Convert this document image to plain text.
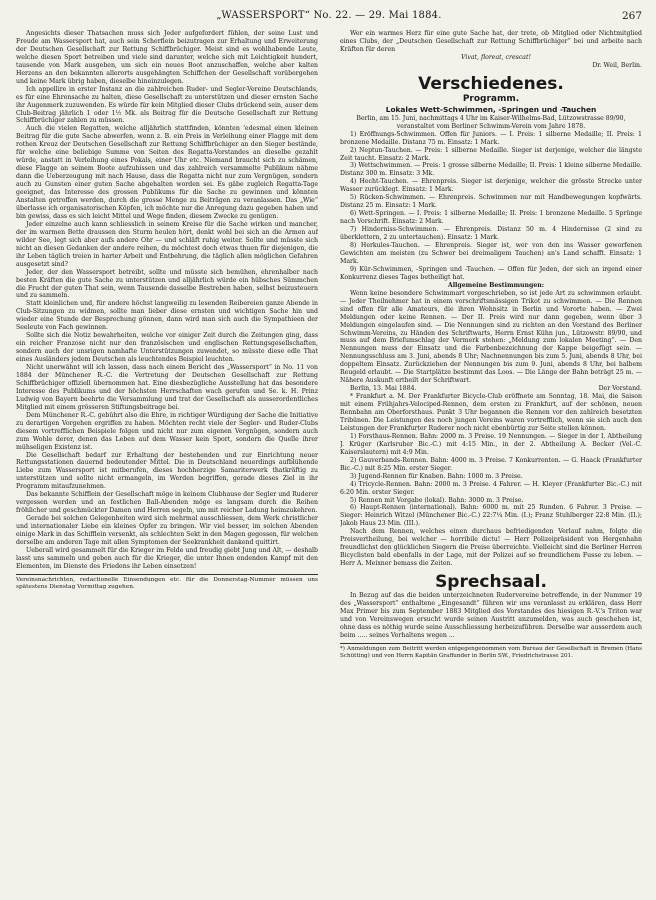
„WASSERSPORT“ No. 22. — 29. Mai 1884.	267

Angesichts dieser Thatsachen muss sich Jeder aufgefordert fühlen, der seine Lust und Freude am Wassersport hat, auch sein Scherflein beizutragen zur Erhaltung und Erweiterung der Deutschen Gesellschaft zur Rettung Schiffbrüchiger. Meist sind es wohlhabende Leute, welche diesen Sport betreiben und viele sind darunter, welche sich mit Leichtigkeit hundert, tausende von Mark ausgeben, um sich ein neues Boot anzuschaffen, welche aber kalten Herzens an den bekannten allerorts ausgehängten Schiffchen der Gesellschaft vorübergehen und keine Mark übrig haben, dieselbe hineinzulegen.

Ich appellire in erster Instanz an die zahlreichen Ruder- und Segler-Vereine Deutschlands, es für eine Ehrensache zu halten, diese Gesellschaft zu unterstützen und dieser ernsten Sache ihr Augenmerk zuzuwenden. Es würde für kein Mitglied dieser Clubs drückend sein, auser dem Club-Beitrag jährlich 1 oder 1½ Mk. als Beitrag für die Deutsche Gesellschaft zur Rettung Schiffbrüchiger zahlen zu müssen.

Auch die vielen Regatten, welche alljährlich stattfinden, könnten 'edesmal einen kleinen Beitrag für die gute Sache abwerfen, wenn z. B. ein Preis in Verleihung einer Flagge mit dem rothen Kreuz der Deutschen Gesellschaft zur Rettung Schiffbrüchiger an den Sieger bestände, für welche eine beliebige Summe von Seiten des Regatta-Vorstandes an dieselbe gezahlt würde, anstatt in Verleihung eines Pokals, einer Uhr etc. Niemand braucht sich zu schämen, diese Flagge an seinem Boote aufzuhissen und das zahlreich versammelte Publikum nähme dann die Ueberzeugung mit nach Hause, dass die Regatta nicht nur zum Vergnügen, sondern auch zu Gunsten einer guten Sache abgehalten worden sei. Es gäbe zugleich Regatta-Tage geeignet, das Interesse des grossen Publikums für die Sache zu gewinnen und könnten Anstalten getroffen werden, durch die grosse Menge zu Beiträgen zu veranlassen. Das „Wie“ überlasse ich organisatorischen Köpfen, ich möchte nur die Anregung dazu gegeben haben und bin gewiss, dass es sich leicht Mittel und Wege finden, diesem Zwecke zu genügen.

Jeder einzelne auch kann schliesslich in seinem Kreise für die Sache wirken und mancher, der im warmen Bette draussen den Sturm heulen hört, denkt wohl bei sich an die Armen auf wilder See, legt sich aber aufs andere Ohr — und schläft ruhig weiter. Sollte und müsste sich nicht an diesen Gedanken der andere reihen, du möchtest doch etwas thuen für diejenigen, die ihr Leben täglich treien in harter Arbeit und Entbehrung, die täglich allen möglichen Gefahren ausgesetzt sind?

Jeder, der den Wassersport betreibt, sollte und müsste sich bemühen, ehrenhalber nach besten Kräften die gute Sache zu unterstützen und alljährlich würde ein hübsches Sümmchen die Frucht der guten That sein, wenn Tausende dasselbe Bestreben haben, selbst beizusteuern und zu sammeln.

Statt kleinlichen und, für andere höchst langweilig zu lesenden Reibereien ganze Abende in Club-Sitzungen zu widmen, sollte man lieber diese ernsten und wichtigen Sache hin und wieder eine Stunde der Besprechung gönnen, dann wird man sich auch die Sympathieen der Seeleute von Fach gewinnen.

Sollte sich die Notiz bewahrheiten, welche vor einiger Zeit durch die Zeitungen ging, dass ein reicher Franzose nicht nur den französischen und englischen Rettungsgesellschaften, sondern auch der unsrigen namhafte Unterstützungen zuwendet, so müsste diese edle That eines Ausländers jedem Deutschen als leuchtendes Beispiel leuchten.

Nicht unerwähnt will ich lassen, dass nach einem Bericht des „Wassersport“ in No. 11 von 1884 der Münchener R.-C. die Vertretung der Deutschen Gesellschaft zur Rettung Schiffbrüchiger offiziell übernommen hat. Eine diesbezügliche Ausstellung hat das besondere Interesse des Publikums und der höchsten Herrschaften wach gerufen und Se. k. H. Prinz Ludwig von Bayern beehrte die Versammlung und trat der Gesellschaft als ausserordentliches Mitglied mit einem grösseren Stiftungsbeitrage bei.

Dem Münchener R.-C. gebührt also die Ehre, in richtiger Würdigung der Sache die Initiative zu derartigen Vorgehen ergriffen zu haben. Möchten recht viele der Segler- und Ruder-Clubs diesem vortrefflichen Beispiele folgen und nicht nur zum eigenen Vergnügen, sondern auch zum Wohle derer, denen das Leben auf dem Wasser kein Sport, sondern die Quelle ihrer mühseligen Existenz ist.

Die Gesellschaft bedarf zur Erhaltung der bestehenden und zur Einrichtung neuer Rettungsstationen dauernd bedeutender Mittel. Die in Deutschland neuerdings aufblühende Liebe zum Wassersport ist mitberufen, dieses hochherzige Samariterwerk thatkräftig zu unterstützen und sollte nicht ermangeln, im Werden begriffen, gerade dieses Ziel in ihr Programm mitaufzunehmen.

Das bekannte Schifflein der Gesellschaft möge in keinem Clubhause der Segler und Ruderer vergessen werden und an festlichen Ball-Abenden möge es langsam durch die Reihen fröhlicher und geschmückter Damen und Herren segeln, um mit reicher Ladung heimzukehren.

Gerade bei solchen Gelegenheiten wird sich mehrmal ausschliessen, dem Werk christlicher und internationaler Liebe ein kleines Opfer zu bringen. Wir viel besser, im solchen Abenden einige Mark in das Schifflein versenkt, als schlechten Sekt in den Magen gegossen, für welchen derselbe am anderen Tage mit allen Symptomen der Seekrankheit dankend quittirt.

Ueberall wird gesammelt für die Krieger im Felde und freudig giebt Jung und Alt, — deshalb lasst uns sammeln und geben auch für die Krieger, die unter Ihnen endenden Kampf mit den Elementen, im Dienste des Friedens ihr Leben einsetzen!

Vereinsnachrichten, redactionelle Einsendungen etc. für die Donnerstag-Nummer müssen uns spätestens Dienstag Vormittag zugehen.

Wer ein warmes Herz für eine gute Sache hat, der trete, ob Mitglied oder Nichtmitglied eines Clubs, der „Deutschen Gesellschaft zur Rettung Schiffbrüchiger“ bei und arbeite nach Kräften für deren

Vivat, floreat, crescat!

Dr. Weil, Berlin.

Verschiedenes.
Programm.
Lokales Wett-Schwimmen, -Springen und -Tauchen

Berlin, am 15. Juni, nachmittags 4 Uhr im Kaiser-Wilhelms-Bad, Lützowstrasse 89/90, veranstaltet vom Berliner Schwimm-Verein vom Jahre 1878.

1) Eröffnungs-Schwimmen. Offen für Juniors. — I. Preis: 1 silberne Medaille; II. Preis: 1 bronzene Medaille. Distanz 75 m. Einsatz: 1 Mark.

2) Neptun-Tauchen. — Preis: 1 silberne Medaille. Sieger ist derjenige, welcher die längste Zeit taucht. Einsatz: 2 Mark.

3) Wettschwimmen. — Preis: 1 grosse silberne Medaille; II. Preis: 1 kleine silberne Medaille. Distanz 300 m. Einsatz: 3 Mk.

4) Hecht-Tauchen. — Ehrenpreis. Sieger ist derjenige, welcher die grösste Strecke unter Wasser zurücklegt. Einsatz: 1 Mark.

5) Rücken-Schwimmen. — Ehrenpreis. Schwimmen nur mit Handbewegungen kopfwärts. Distanz 25 m. Einsatz: 1 Mark.

6) Wett-Springen. — I. Preis: 1 silberne Medaille; II. Preis: 1 bronzene Medaille. 5 Sprünge nach Vorschrift. Einsatz: 2 Mark.

7) Hinderniss-Schwimmen. — Ehrenpreis. Distanz 50 m. 4 Hindernisse (2 sind zu überklettern, 2 zu untertauchen). Einsatz: 1 Mark.

8) Herkules-Tauchen. — Ehrenpreis. Sieger ist, wer von den ins Wasser geworfenen Gewichten am meisten (zu Schwer bei dreimaligem Tauchen) an's Land schafft. Einsatz: 1 Mark.

9) Kür-Schwimmen, -Springen und -Tauchen. — Offen für Jeden, der sich an irgend einer Konkurrenz dieses Tages betheiligt hat.

Allgemeine Bestimmungen:

Wenn keine besondere Schwimmart vorgeschrieben, so ist jede Art zu schwimmen erlaubt. — Jeder Theilnehmer hat in einem vorschriftsmässigen Trikot zu schwimmen. — Die Rennen sind offen für alle Amateurs, die ihren Wohnsitz in Berlin und Vororte haben. — Zwei Meldungen oder keine Rennen. — Der II. Preis wird nur dann gegeben, wenn über 3 Meldungen eingelaufen sind. — Die Nennungen sind zu richten an den Vorstand des Berliner Schwimm-Vereins, zu Händen des Schriftwarts, Herrn Ernst Kühn jun., Lützowstr. 89/90, und muss auf dem Briefumschlag der Vermerk stehen: „Meldung zum lokalen Meeting“. — Den Nennungen muss der Einsatz und die Farbenbezeichnung der Kappe beigefügt sein. — Nennungsschluss am 3. Juni, abends 8 Uhr; Nachnennungen bis zum 5. Juni, abends 8 Uhr, bei doppeltem Einsatz. Zurückziehen der Nennungen bis zum 9. Juni, abends 8 Uhr, bei halbem Reugeld erlaubt. — Die Startplätze bestimmt das Loos. — Die Länge der Bahn beträgt 25 m. — Nähere Auskunft ertheilt der Schriftwart.

Berlin, 13. Mai 1884.	Der Vorstand.

* Frankfurt a. M. Der Frankfurter Bicycle-Club eröffnete am Sonntag, 18. Mai, die Saison mit einem Frühjahrs-Velociped-Rennen, dem ersten zu Frankfurt, auf der schönen, neuen Rennbahn am Oberforsthaus. Punkt 3 Uhr begannen die Rennen vor den zahlreich besetzten Tribünen. Die Leistungen des noch jungen Vereins waren vortrefflich, wenn sie sich auch den Leistungen der Frankfurter Ruderer noch nicht ebenbürtig zur Seite stellen können.

1) Forsthaus-Rennen. Bahn: 2000 m. 3 Preise. 19 Nennungen. — Sieger in der I. Abtheilung J. Krüger (Karlsruher Bic.-C.) mit 4:15 Min., in der 2. Abtheilung A. Becker (Vel.-C. Kaiserslautern) mit 4:9 Min.

2) Gauverbands-Rennen. Bahn: 4000 m. 3 Preise. 7 Konkurrenten. — G. Haack (Frankfurter Bic.-C.) mit 8:25 Min. erster Sieger.

3) Jugend-Rennen für Knaben. Bahn: 1000 m. 3 Preise.

4) Tricycle-Rennen. Bahn: 2000 m. 3 Preise. 4 Fahrer. — H. Kleyer (Frankfurter Bic.-C.) mit 6:20 Min. erster Sieger.

5) Rennen mit Vorgabe (lokal). Bahn: 3000 m. 3 Preise.

6) Haupt-Rennen (international). Bahn: 6000 m. mit 25 Runden. 6 Fahrer. 3 Preise. — Sieger: Heinrich Witzel (Münchener Bic.-C.) 22:7¼ Min. (I.); Franz Stuhlberger 22:8 Min. (II.); Jakob Haus 23 Min. (III.).

Nach dem Rennen, welches einen durchaus befriedigenden Verlauf nahm, folgte die Preisvertheilung, bei welcher — horribile dictu! — Herr Polizeipräsident von Hergenhahn freundlichst den glücklichen Siegern die Preise überreichte. Vielleicht sind die Berliner Herren Bicyclisten bald ebenfalls in der Lage, mit der Polizei auf so freundlichem Fusse zu leben. — Herr A. Meixner bemass die Zeiten.

Sprechsaal.

In Bezug auf das die beiden unterzeichneten Rudervereine betreffende, in der Nummer 19 des „Wassersport“ enthaltene „Eingesandt“ führen wir uns veranlasst zu erklären, dass Herr Max Primer bis zum September 1883 Mitglied des Vorstandes des hiesigen R.-V.'s Triton war und von Vereinswegen ersucht wurde seinen Austritt anzumelden, was auch geschehen ist, ohne dass es nöthig wurde seine Ausschliessung herbeizuführen. Derselbe war ausserdem auch beim ..... seines Verhaltens wegen ...

*) Anmeldungen zum Beitritt werden entgegengenommen vom Bureau der Gesellschaft in Bremen (Hans Schütting) und von Herrn Kapitän Graffunder in Berlin SW., Friedrichstrasse 201.
